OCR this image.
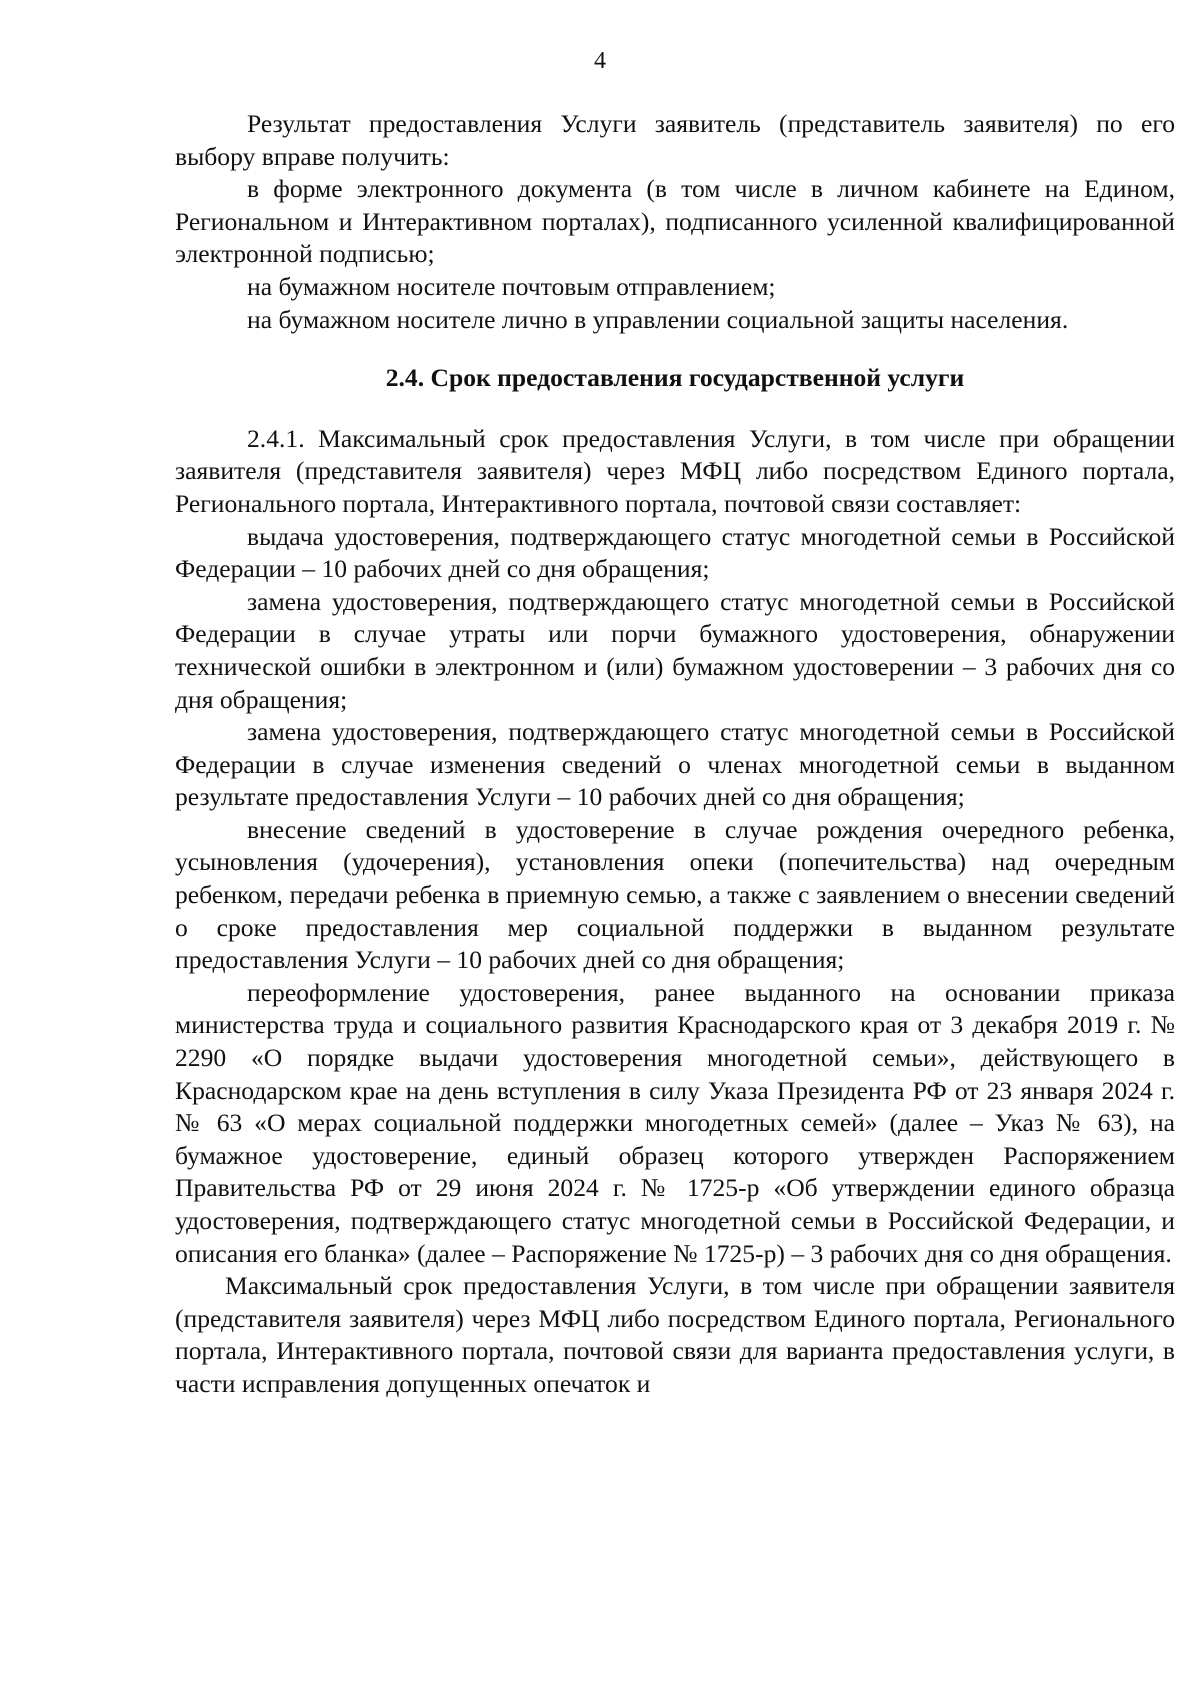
4

Результат предоставления Услуги заявитель (представитель заявителя) по его выбору вправе получить:

в форме электронного документа (в том числе в личном кабинете на Едином, Региональном и Интерактивном порталах), подписанного усиленной квалифицированной электронной подписью;

на бумажном носителе почтовым отправлением;

на бумажном носителе лично в управлении социальной защиты населения.

2.4. Срок предоставления государственной услуги

2.4.1. Максимальный срок предоставления Услуги, в том числе при обращении заявителя (представителя заявителя) через МФЦ либо посредством Единого портала, Регионального портала, Интерактивного портала, почтовой связи составляет:

выдача удостоверения, подтверждающего статус многодетной семьи в Российской Федерации – 10 рабочих дней со дня обращения;

замена удостоверения, подтверждающего статус многодетной семьи в Российской Федерации в случае утраты или порчи бумажного удостоверения, обнаружении технической ошибки в электронном и (или) бумажном удостоверении – 3 рабочих дня со дня обращения;

замена удостоверения, подтверждающего статус многодетной семьи в Российской Федерации в случае изменения сведений о членах многодетной семьи в выданном результате предоставления Услуги – 10 рабочих дней со дня обращения;

внесение сведений в удостоверение в случае рождения очередного ребенка, усыновления (удочерения), установления опеки (попечительства) над очередным ребенком, передачи ребенка в приемную семью, а также с заявлением о внесении сведений о сроке предоставления мер социальной поддержки в выданном результате предоставления Услуги – 10 рабочих дней со дня обращения;

переоформление удостоверения, ранее выданного на основании приказа министерства труда и социального развития Краснодарского края от 3 декабря 2019 г. № 2290 «О порядке выдачи удостоверения многодетной семьи», действующего в Краснодарском крае на день вступления в силу Указа Президента РФ от 23 января 2024 г. № 63 «О мерах социальной поддержки многодетных семей» (далее – Указ № 63), на бумажное удостоверение, единый образец которого утвержден Распоряжением Правительства РФ от 29 июня 2024 г. № 1725-р «Об утверждении единого образца удостоверения, подтверждающего статус многодетной семьи в Российской Федерации, и описания его бланка» (далее – Распоряжение № 1725-р) – 3 рабочих дня со дня обращения.

Максимальный срок предоставления Услуги, в том числе при обращении заявителя (представителя заявителя) через МФЦ либо посредством Единого портала, Регионального портала, Интерактивного портала, почтовой связи для варианта предоставления услуги, в части исправления допущенных опечаток и
